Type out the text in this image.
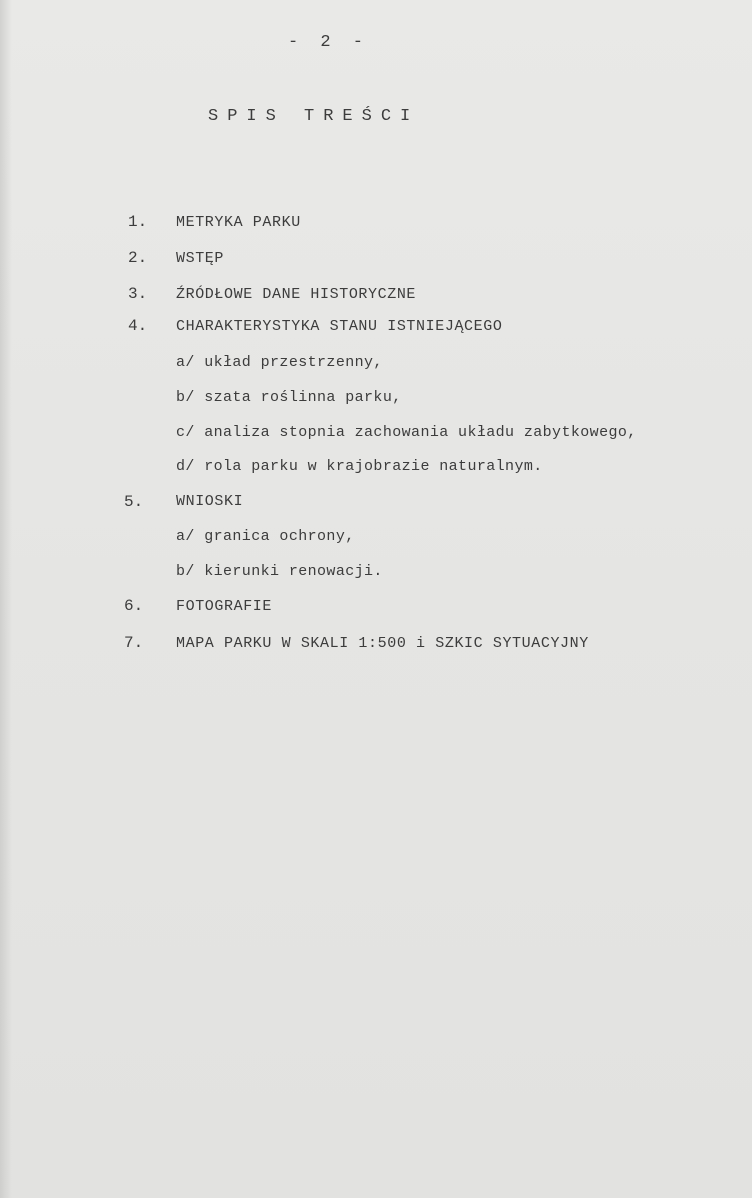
- 2 -
SPIS TREŚCI
1. METRYKA PARKU
2. WSTĘP
3. ŹRÓDŁOWE DANE HISTORYCZNE
4. CHARAKTERYSTYKA STANU ISTNIEJĄCEGO
a/ układ przestrzenny,
b/ szata roślinna parku,
c/ analiza stopnia zachowania układu zabytkowego,
d/ rola parku w krajobrazie naturalnym.
5. WNIOSKI
a/ granica ochrony,
b/ kierunki renowacji.
6. FOTOGRAFIE
7. MAPA PARKU W SKALI 1:500 i SZKIC SYTUACYJNY
